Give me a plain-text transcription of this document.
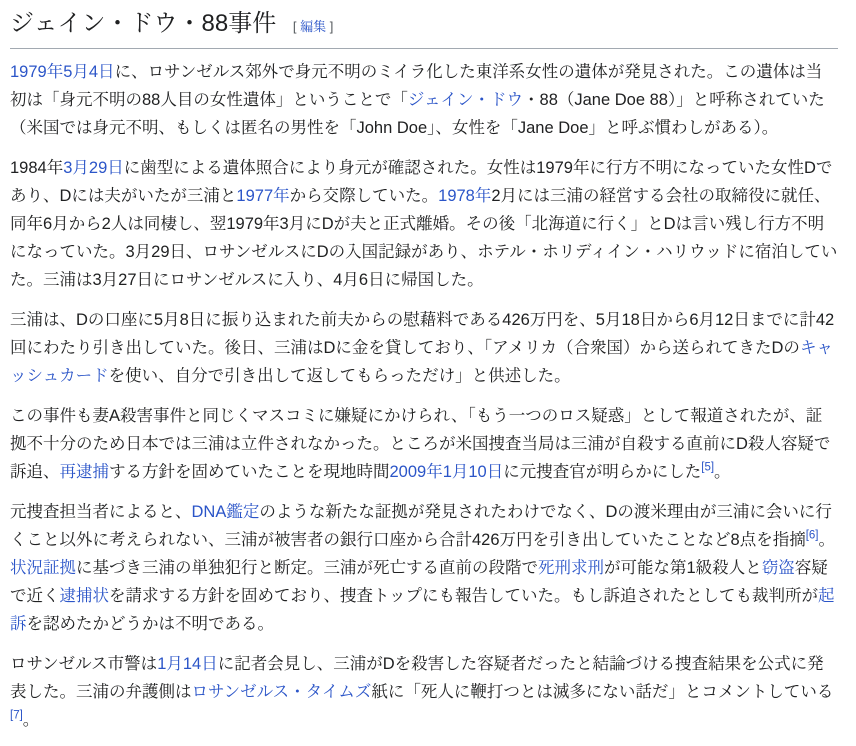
ジェイン・ドウ・88事件 [ 編集 ]

1979年5月4日に、ロサンゼルス郊外で身元不明のミイラ化した東洋系女性の遺体が発見された。この遺体は当初は「身元不明の88人目の女性遺体」ということで「ジェイン・ドウ・88（Jane Doe 88）」と呼称されていた（米国では身元不明、もしくは匿名の男性を「John Doe」、女性を「Jane Doe」と呼ぶ慣わしがある）。

1984年3月29日に歯型による遺体照合により身元が確認された。女性は1979年に行方不明になっていた女性Dであり、Dには夫がいたが三浦と1977年から交際していた。1978年2月には三浦の経営する会社の取締役に就任、同年6月から2人は同棲し、翌1979年3月にDが夫と正式離婚。その後「北海道に行く」とDは言い残し行方不明になっていた。3月29日、ロサンゼルスにDの入国記録があり、ホテル・ホリディイン・ハリウッドに宿泊していた。三浦は3月27日にロサンゼルスに入り、4月6日に帰国した。

三浦は、Dの口座に5月8日に振り込まれた前夫からの慰藉料である426万円を、5月18日から6月12日までに計42回にわたり引き出していた。後日、三浦はDに金を貸しており、「アメリカ（合衆国）から送られてきたDのキャッシュカードを使い、自分で引き出して返してもらっただけ」と供述した。

この事件も妻A殺害事件と同じくマスコミに嫌疑にかけられ、「もう一つのロス疑惑」として報道されたが、証拠不十分のため日本では三浦は立件されなかった。ところが米国捜査当局は三浦が自殺する直前にD殺人容疑で訴追、再逮捕する方針を固めていたことを現地時間2009年1月10日に元捜査官が明らかにした[5]。

元捜査担当者によると、DNA鑑定のような新たな証拠が発見されたわけでなく、Dの渡米理由が三浦に会いに行くこと以外に考えられない、三浦が被害者の銀行口座から合計426万円を引き出していたことなど8点を指摘[6]。状況証拠に基づき三浦の単独犯行と断定。三浦が死亡する直前の段階で死刑求刑が可能な第1級殺人と窃盗容疑で近く逮捕状を請求する方針を固めており、捜査トップにも報告していた。もし訴追されたとしても裁判所が起訴を認めたかどうかは不明である。

ロサンゼルス市警は1月14日に記者会見し、三浦がDを殺害した容疑者だったと結論づける捜査結果を公式に発表した。三浦の弁護側はロサンゼルス・タイムズ紙に「死人に鞭打つとは滅多にない話だ」とコメントしている[7]。
